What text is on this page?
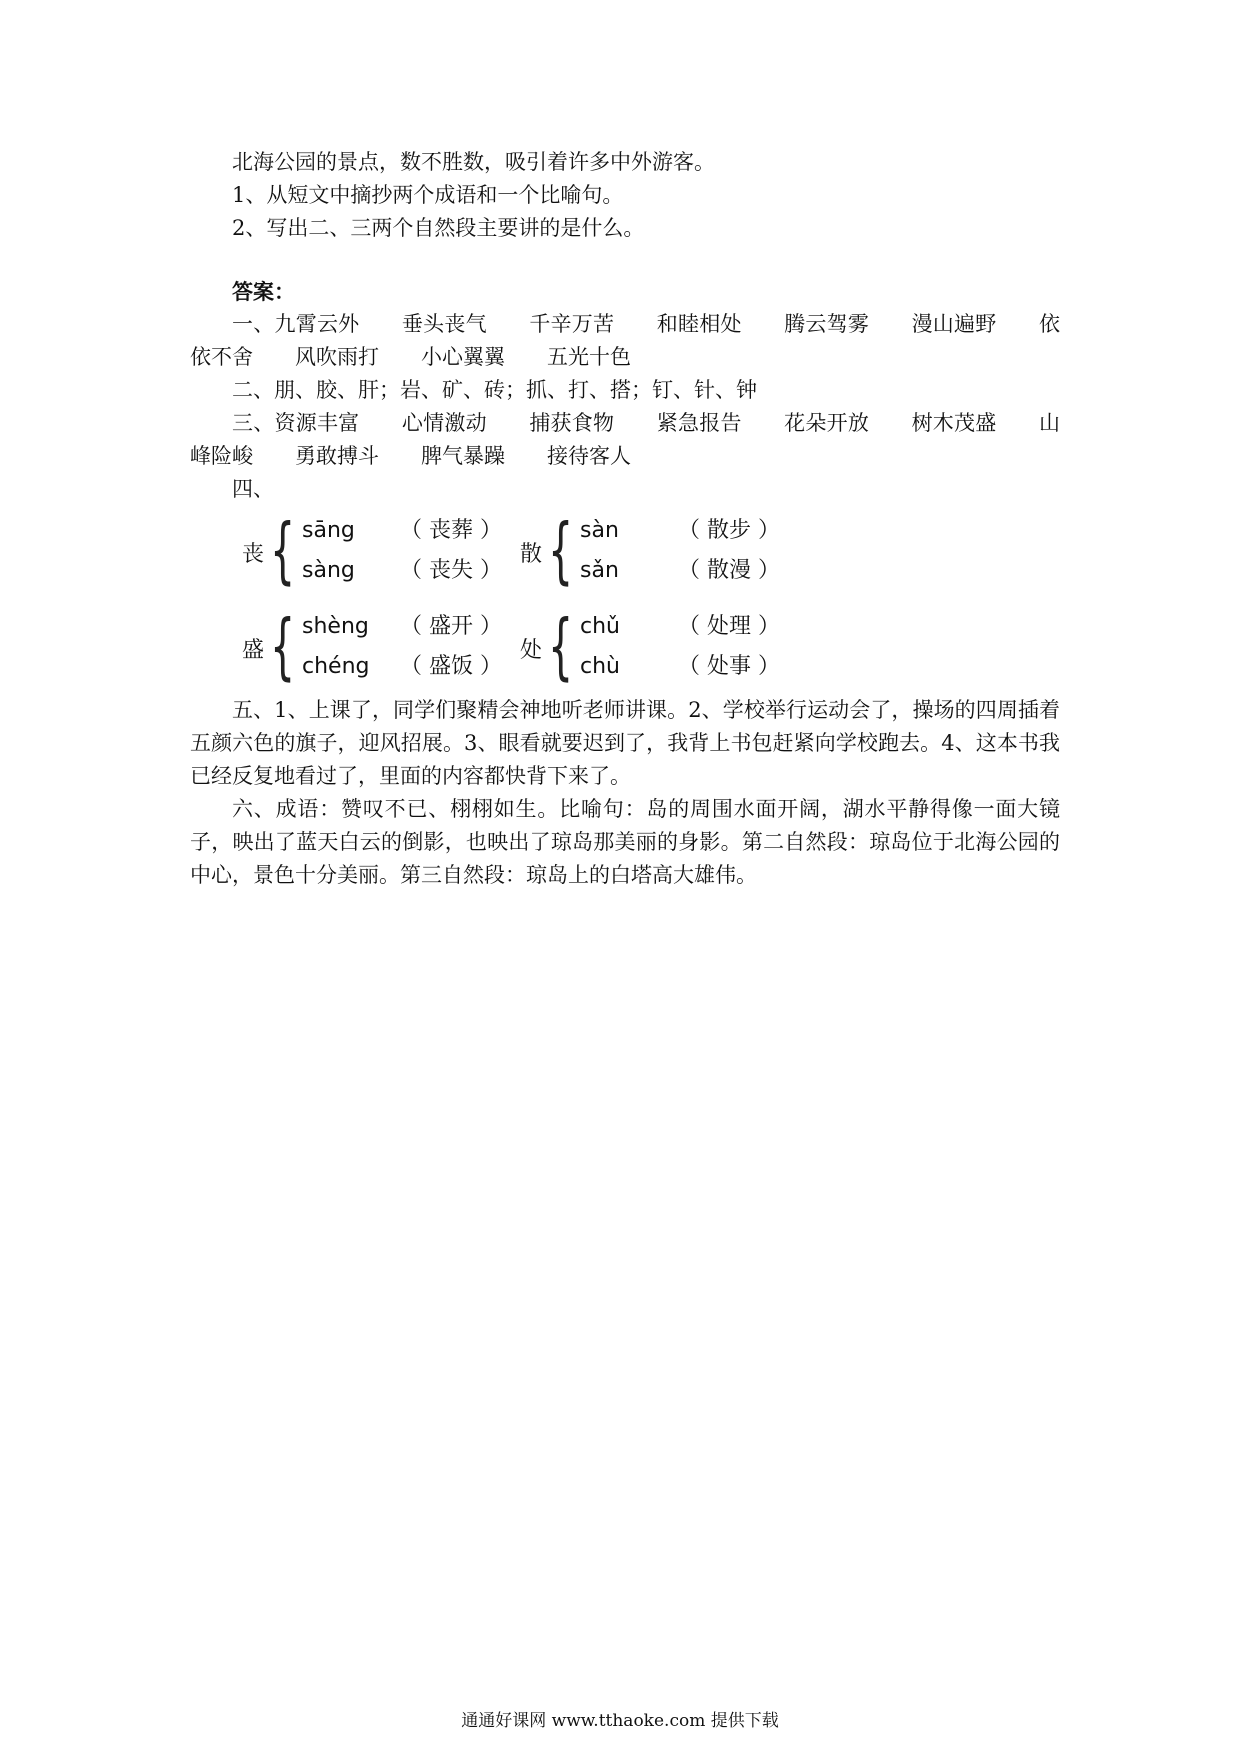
北海公园的景点，数不胜数，吸引着许多中外游客。

1、从短文中摘抄两个成语和一个比喻句。

2、写出二、三两个自然段主要讲的是什么。

答案：

一、九霄云外　　垂头丧气　　千辛万苦　　和睦相处　　腾云驾雾　　漫山遍野　　依依不舍　　风吹雨打　　小心翼翼　　五光十色

二、朋、胶、肝；岩、矿、砖；抓、打、搭；钉、针、钟

三、资源丰富　　心情激动　　捕获食物　　紧急报告　　花朵开放　　树木茂盛　　山峰险峻　　勇敢搏斗　　脾气暴躁　　接待客人

四、

丧 { sāng （ 丧葬 ）
sàng （ 丧失 ）
散 { sàn	（ 散步 ）
sǎn	（ 散漫 ）
盛 { shèng （ 盛开 ）
chéng （ 盛饭 ）
处 { chǔ	（ 处理 ）
chù	（ 处事 ）

五、1、上课了，同学们聚精会神地听老师讲课。2、学校举行运动会了，操场的四周插着五颜六色的旗子，迎风招展。3、眼看就要迟到了，我背上书包赶紧向学校跑去。4、这本书我已经反复地看过了，里面的内容都快背下来了。

六、成语：赞叹不已、栩栩如生。比喻句：岛的周围水面开阔，湖水平静得像一面大镜子，映出了蓝天白云的倒影，也映出了琼岛那美丽的身影。第二自然段：琼岛位于北海公园的中心，景色十分美丽。第三自然段：琼岛上的白塔高大雄伟。

通通好课网 www.tthaoke.com 提供下载
